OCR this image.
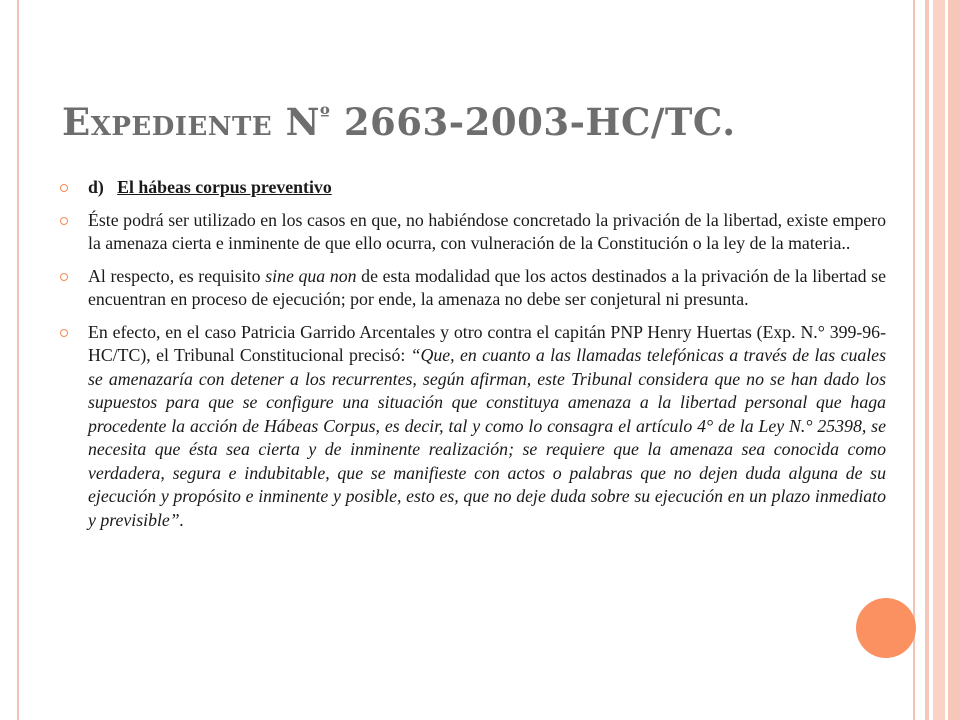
Expediente $N^º$ 2663-2003-HC/TC.
d) El hábeas corpus preventivo
Éste podrá ser utilizado en los casos en que, no habiéndose concretado la privación de la libertad, existe empero la amenaza cierta e inminente de que ello ocurra, con vulneración de la Constitución o la ley de la materia..
Al respecto, es requisito sine qua non de esta modalidad que los actos destinados a la privación de la libertad se encuentran en proceso de ejecución; por ende, la amenaza no debe ser conjetural ni presunta.
En efecto, en el caso Patricia Garrido Arcentales y otro contra el capitán PNP Henry Huertas (Exp. N.° 399-96-HC/TC), el Tribunal Constitucional precisó: “Que, en cuanto a las llamadas telefónicas a través de las cuales se amenazaría con detener a los recurrentes, según afirman, este Tribunal considera que no se han dado los supuestos para que se configure una situación que constituya amenaza a la libertad personal que haga procedente la acción de Hábeas Corpus, es decir, tal y como lo consagra el artículo 4° de la Ley N.° 25398, se necesita que ésta sea cierta y de inminente realización; se requiere que la amenaza sea conocida como verdadera, segura e indubitable, que se manifieste con actos o palabras que no dejen duda alguna de su ejecución y propósito e inminente y posible, esto es, que no deje duda sobre su ejecución en un plazo inmediato y previsible”.
